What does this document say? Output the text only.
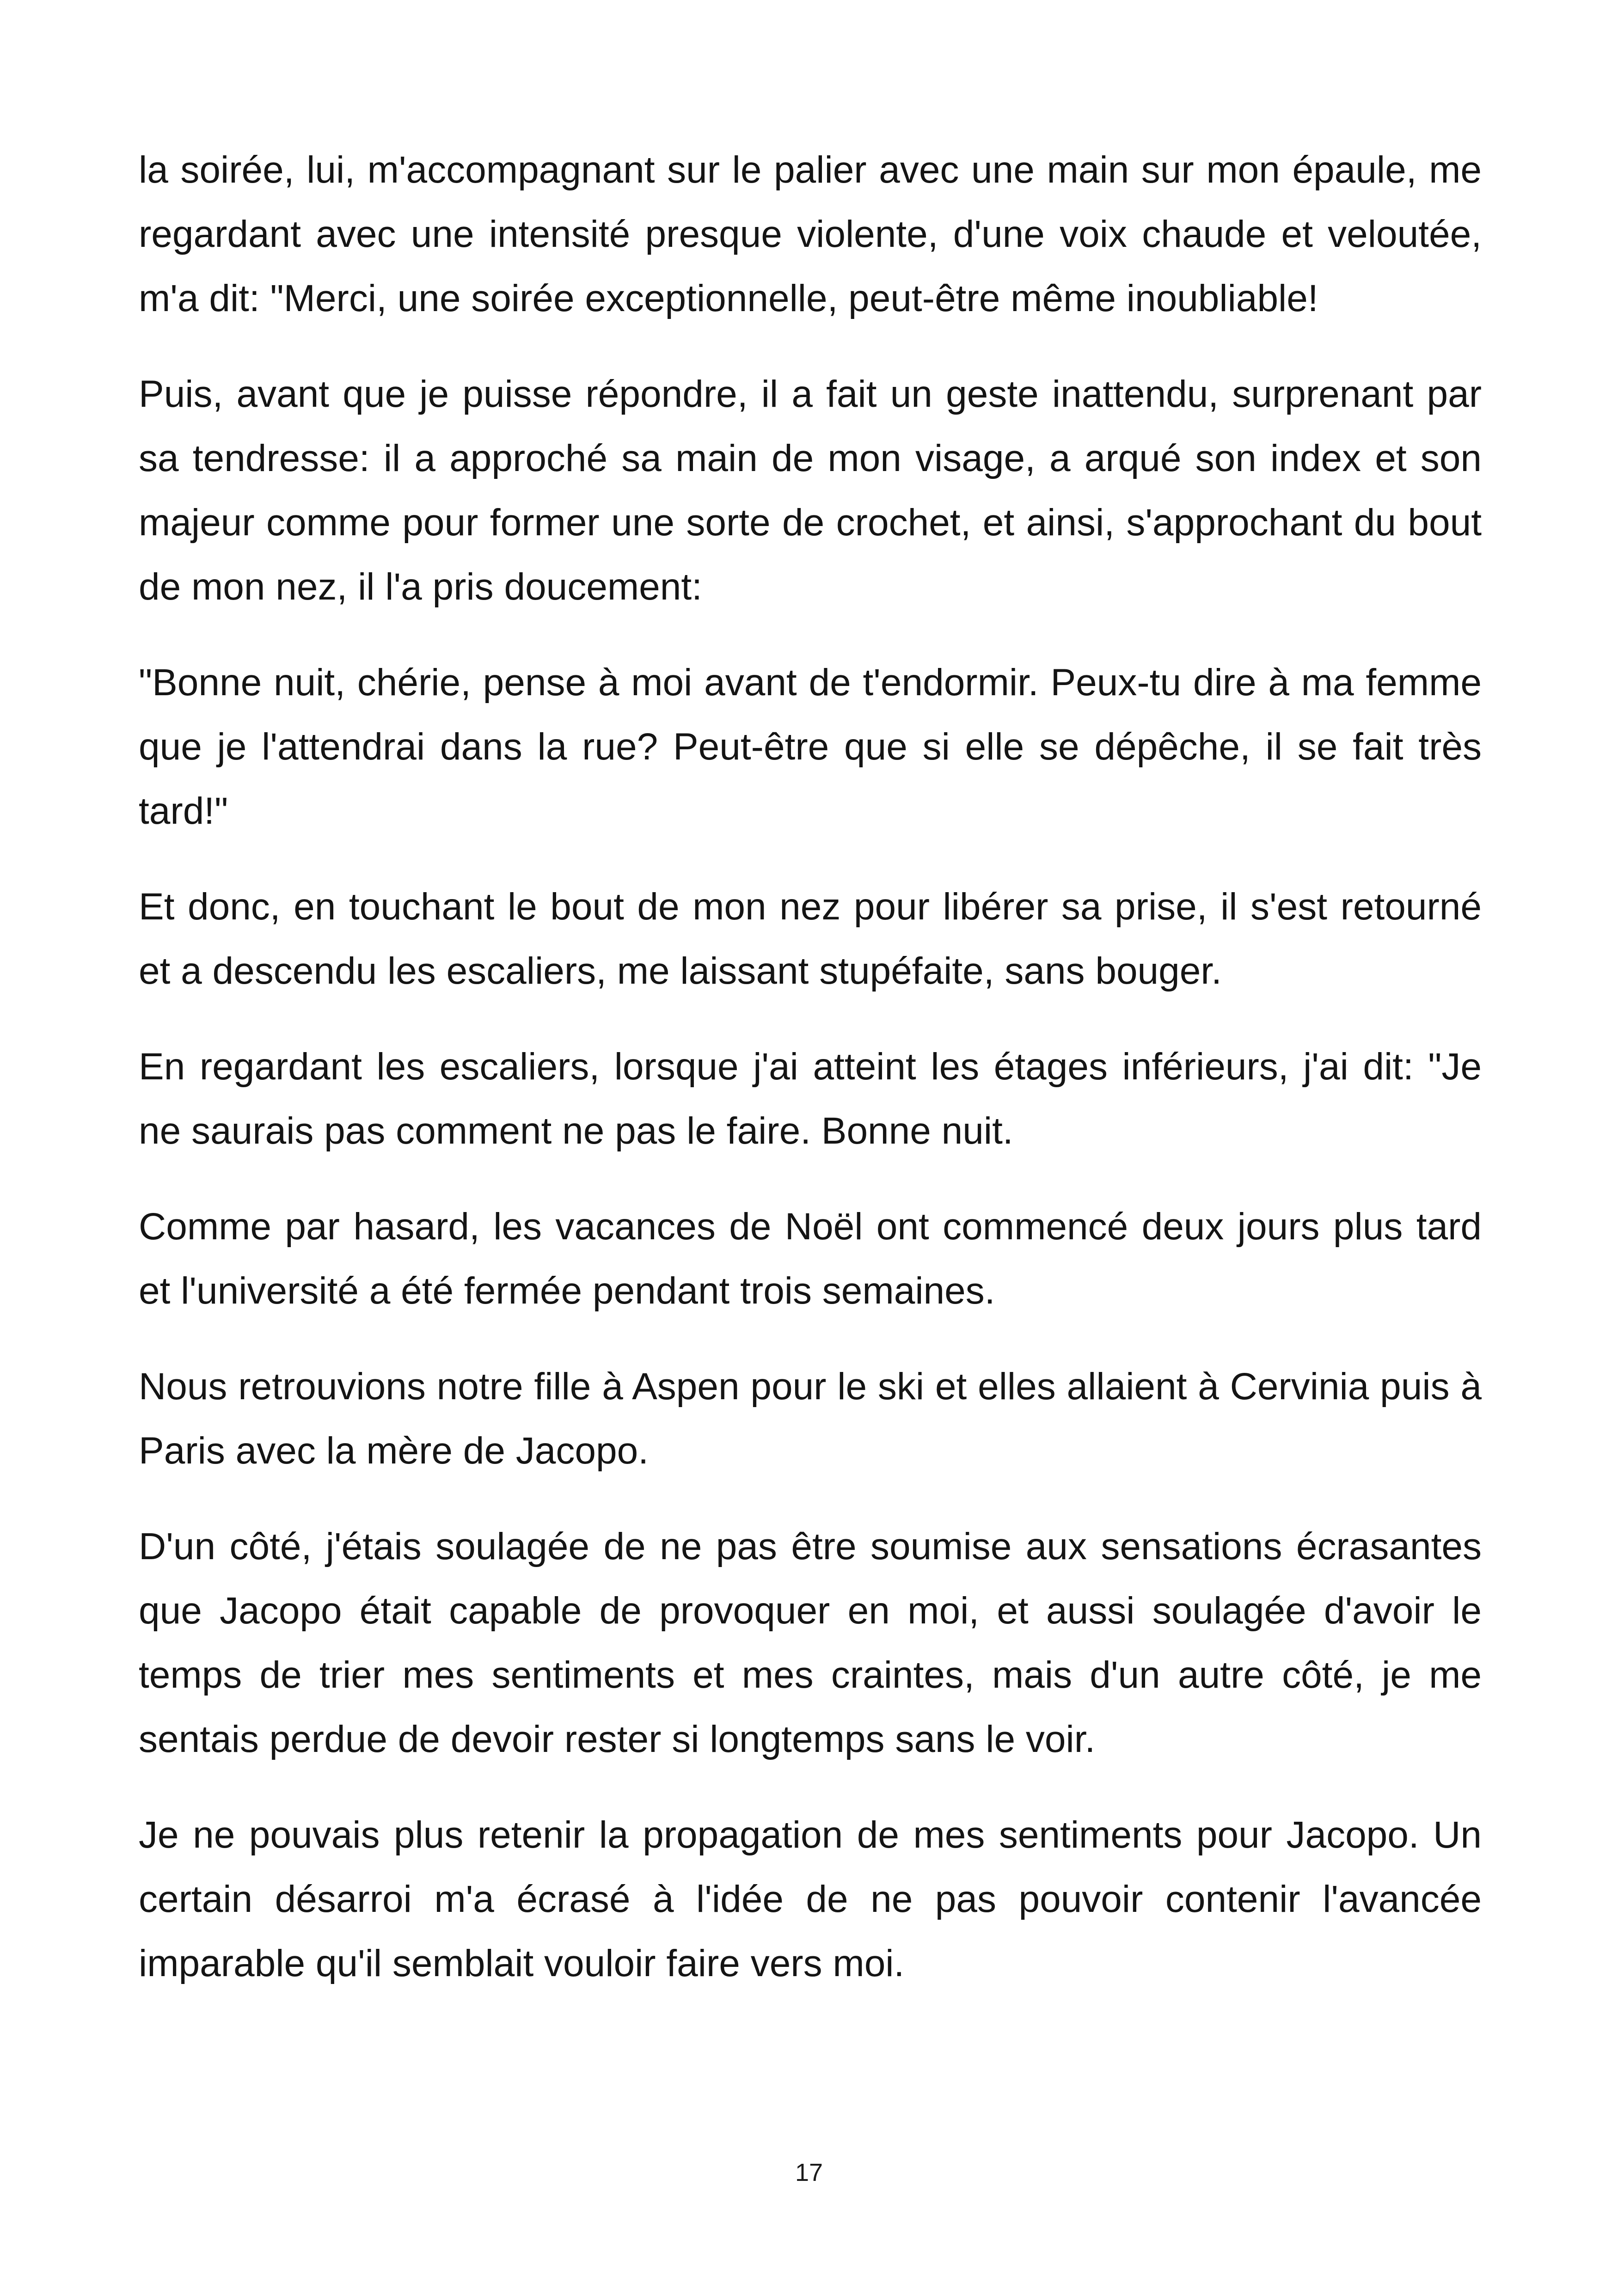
la soirée, lui, m'accompagnant sur le palier avec une main sur mon épaule, me regardant avec une intensité presque violente, d'une voix chaude et veloutée, m'a dit: "Merci, une soirée exceptionnelle, peut-être même inoubliable!

Puis, avant que je puisse répondre, il a fait un geste inattendu, surprenant par sa tendresse: il a approché sa main de mon visage, a arqué son index et son majeur comme pour former une sorte de crochet, et ainsi, s'approchant du bout de mon nez, il l'a pris doucement:

"Bonne nuit, chérie, pense à moi avant de t'endormir. Peux-tu dire à ma femme que je l'attendrai dans la rue? Peut-être que si elle se dépêche, il se fait très tard!"

Et donc, en touchant le bout de mon nez pour libérer sa prise, il s'est retourné et a descendu les escaliers, me laissant stupéfaite, sans bouger.

En regardant les escaliers, lorsque j'ai atteint les étages inférieurs, j'ai dit: "Je ne saurais pas comment ne pas le faire. Bonne nuit.

Comme par hasard, les vacances de Noël ont commencé deux jours plus tard et l'université a été fermée pendant trois semaines.

Nous retrouvions notre fille à Aspen pour le ski et elles allaient à Cervinia puis à Paris avec la mère de Jacopo.

D'un côté, j'étais soulagée de ne pas être soumise aux sensations écrasantes que Jacopo était capable de provoquer en moi, et aussi soulagée d'avoir le temps de trier mes sentiments et mes craintes, mais d'un autre côté, je me sentais perdue de devoir rester si longtemps sans le voir.

Je ne pouvais plus retenir la propagation de mes sentiments pour Jacopo. Un certain désarroi m'a écrasé à l'idée de ne pas pouvoir contenir l'avancée imparable qu'il semblait vouloir faire vers moi.

17
